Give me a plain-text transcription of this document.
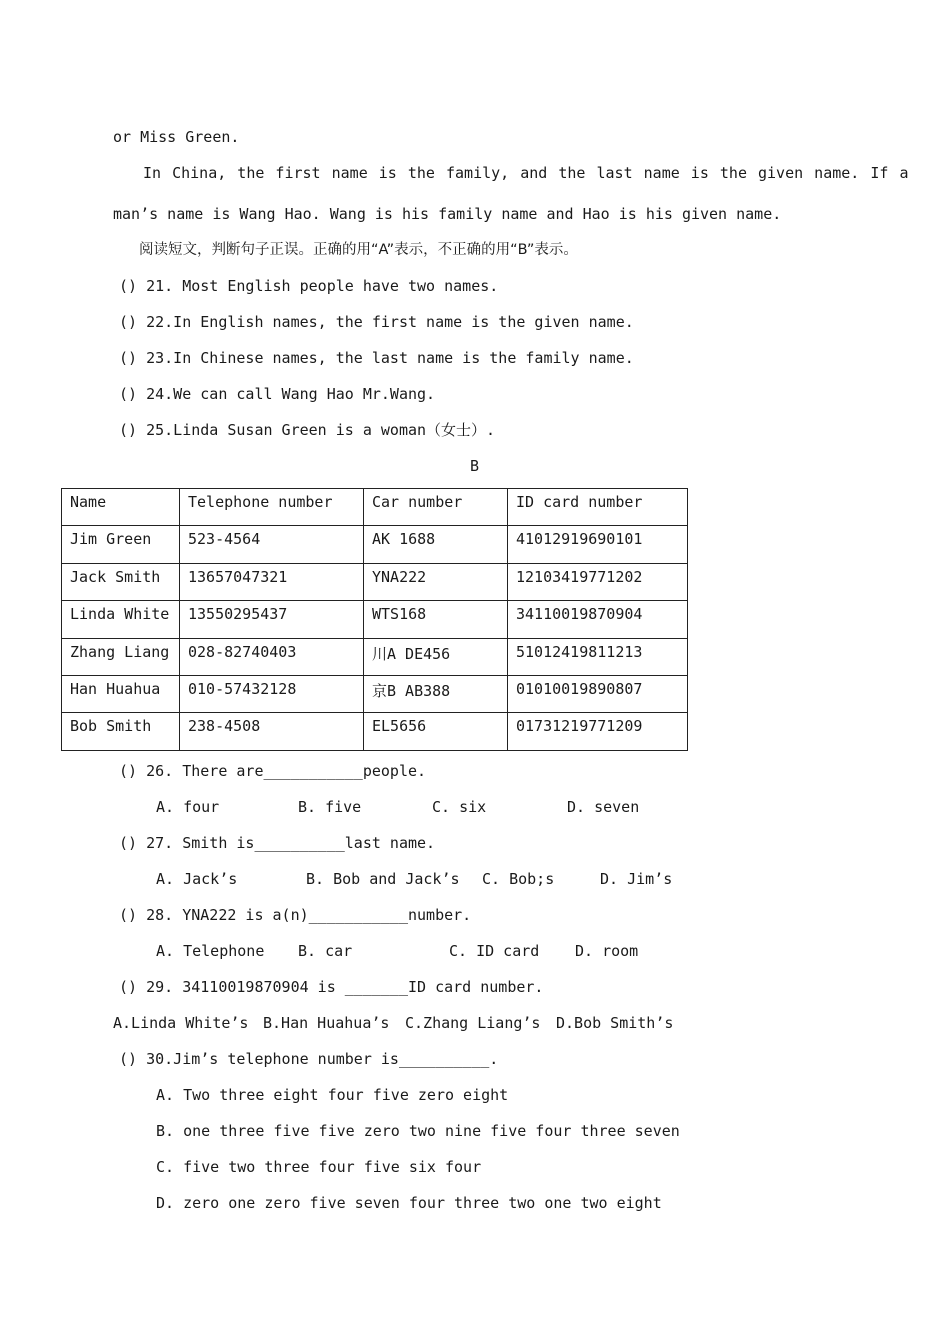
or Miss Green.
In China, the first name is the family, and the last name is the given name. If a
man’s name is Wang Hao. Wang is his family name and Hao is his given name.
阅读短文，判断句子正误。正确的用“A”表示，不正确的用“B”表示。
() 21. Most English people have two names.
() 22.In English names, the first name is the given name.
() 23.In Chinese names, the last name is the family name.
() 24.We can call Wang Hao Mr.Wang.
() 25.Linda Susan Green is a woman（女士）.
B
Name	Telephone number	Car number	ID card number
Jim Green	523-4564	AK 1688	41012919690101
Jack Smith	13657047321	YNA222	12103419771202
Linda White	13550295437	WTS168	34110019870904
Zhang Liang	028-82740403	川A DE456	51012419811213
Han Huahua	010-57432128	京B AB388	01010019890807
Bob Smith	238-4508	EL5656	01731219771209
() 26. There are___________people.
A. four	B. five	C. six	D. seven
() 27. Smith is__________last name.
A. Jack’s	B. Bob and Jack’s C. Bob;s	D. Jim’s
() 28. YNA222 is a(n)___________number.
A. Telephone B. car	C. ID card D. room
() 29. 34110019870904 is _______ID card number.
A.Linda White’s B.Han Huahua’s C.Zhang Liang’s D.Bob Smith’s
() 30.Jim’s telephone number is__________.
A. Two three eight four five zero eight
B. one three five five zero two nine five four three seven
C. five two three four five six four
D. zero one zero five seven four three two one two eight
